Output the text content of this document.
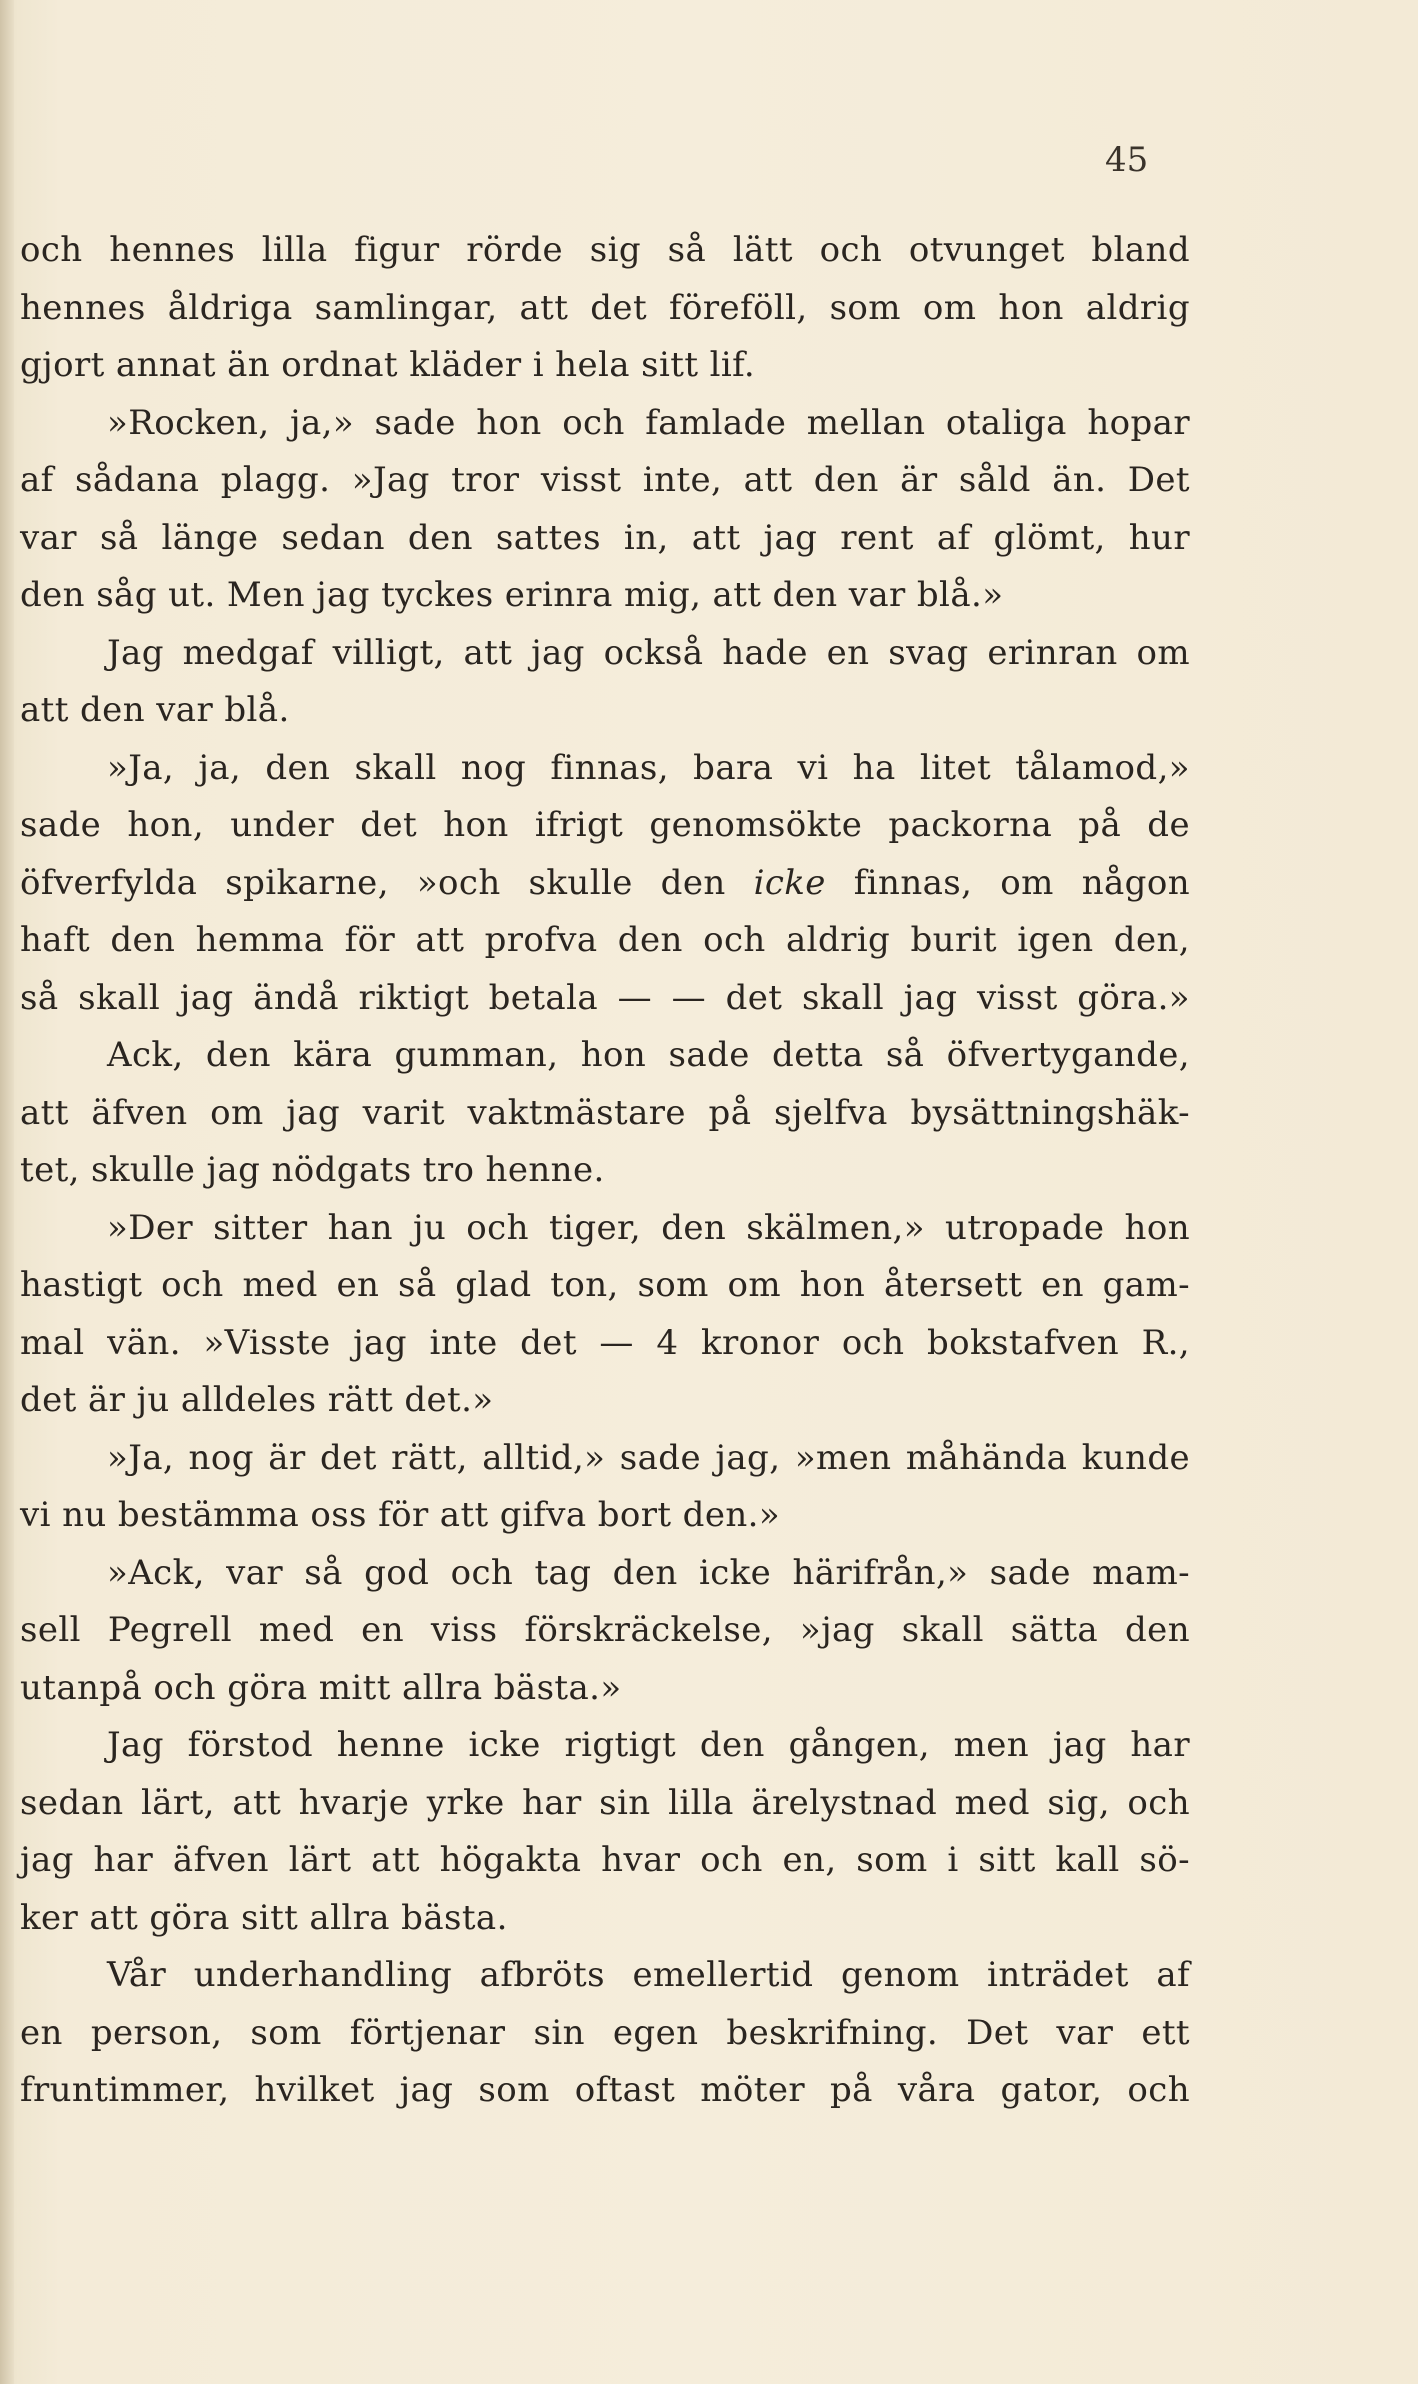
45
och hennes lilla figur rörde sig så lätt och otvunget bland
hennes åldriga samlingar, att det föreföll, som om hon aldrig
gjort annat än ordnat kläder i hela sitt lif.
»Rocken, ja,» sade hon och famlade mellan otaliga hopar
af sådana plagg. »Jag tror visst inte, att den är såld än. Det
var så länge sedan den sattes in, att jag rent af glömt, hur
den såg ut. Men jag tyckes erinra mig, att den var blå.»
Jag medgaf villigt, att jag också hade en svag erinran om
att den var blå.
»Ja, ja, den skall nog finnas, bara vi ha litet tålamod,»
sade hon, under det hon ifrigt genomsökte packorna på de
öfverfylda spikarne, »och skulle den icke finnas, om någon
haft den hemma för att profva den och aldrig burit igen den,
så skall jag ändå riktigt betala — — det skall jag visst göra.»
Ack, den kära gumman, hon sade detta så öfvertygande,
att äfven om jag varit vaktmästare på sjelfva bysättningshäk-
tet, skulle jag nödgats tro henne.
»Der sitter han ju och tiger, den skälmen,» utropade hon
hastigt och med en så glad ton, som om hon återsett en gam-
mal vän. »Visste jag inte det — 4 kronor och bokstafven R.,
det är ju alldeles rätt det.»
»Ja, nog är det rätt, alltid,» sade jag, »men måhända kunde
vi nu bestämma oss för att gifva bort den.»
»Ack, var så god och tag den icke härifrån,» sade mam-
sell Pegrell med en viss förskräckelse, »jag skall sätta den
utanpå och göra mitt allra bästa.»
Jag förstod henne icke rigtigt den gången, men jag har
sedan lärt, att hvarje yrke har sin lilla ärelystnad med sig, och
jag har äfven lärt att högakta hvar och en, som i sitt kall sö-
ker att göra sitt allra bästa.
Vår underhandling afbröts emellertid genom inträdet af
en person, som förtjenar sin egen beskrifning. Det var ett
fruntimmer, hvilket jag som oftast möter på våra gator, och
